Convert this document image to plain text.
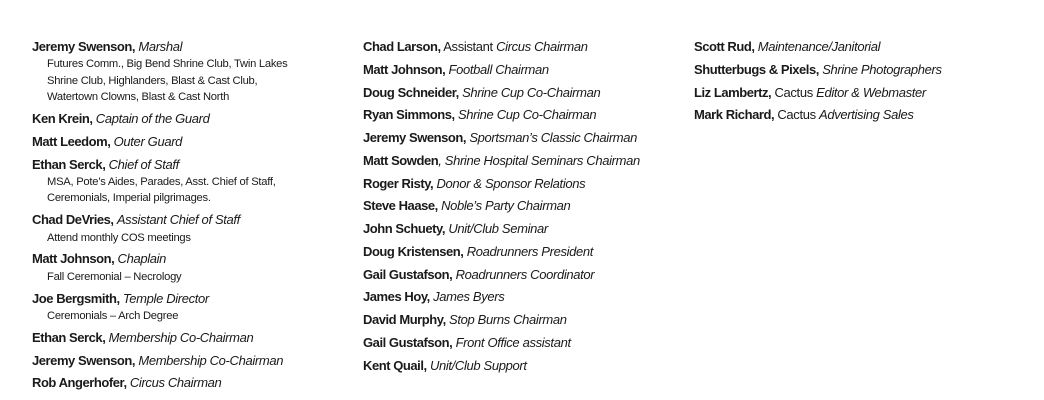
Jeremy Swenson, Marshal
Futures Comm., Big Bend Shrine Club, Twin Lakes
Shrine Club, Highlanders, Blast & Cast Club,
Watertown Clowns, Blast & Cast North
Ken Krein, Captain of the Guard
Matt Leedom, Outer Guard
Ethan Serck, Chief of Staff
MSA, Pote’s Aides, Parades, Asst. Chief of Staff,
Ceremonials, Imperial pilgrimages.
Chad DeVries, Assistant Chief of Staff
Attend monthly COS meetings
Matt Johnson, Chaplain
Fall Ceremonial – Necrology
Joe Bergsmith, Temple Director
Ceremonials – Arch Degree
Ethan Serck, Membership Co-Chairman
Jeremy Swenson, Membership Co-Chairman
Rob Angerhofer, Circus Chairman
Chad Larson, Assistant Circus Chairman
Matt Johnson, Football Chairman
Doug Schneider, Shrine Cup Co-Chairman
Ryan Simmons, Shrine Cup Co-Chairman
Jeremy Swenson, Sportsman’s Classic Chairman
Matt Sowden, Shrine Hospital Seminars Chairman
Roger Risty, Donor & Sponsor Relations
Steve Haase, Noble’s Party Chairman
John Schuety, Unit/Club Seminar
Doug Kristensen, Roadrunners President
Gail Gustafson, Roadrunners Coordinator
James Hoy, James Byers
David Murphy, Stop Burns Chairman
Gail Gustafson, Front Office assistant
Kent Quail, Unit/Club Support
Scott Rud, Maintenance/Janitorial
Shutterbugs & Pixels, Shrine Photographers
Liz Lambertz, Cactus Editor & Webmaster
Mark Richard, Cactus Advertising Sales
